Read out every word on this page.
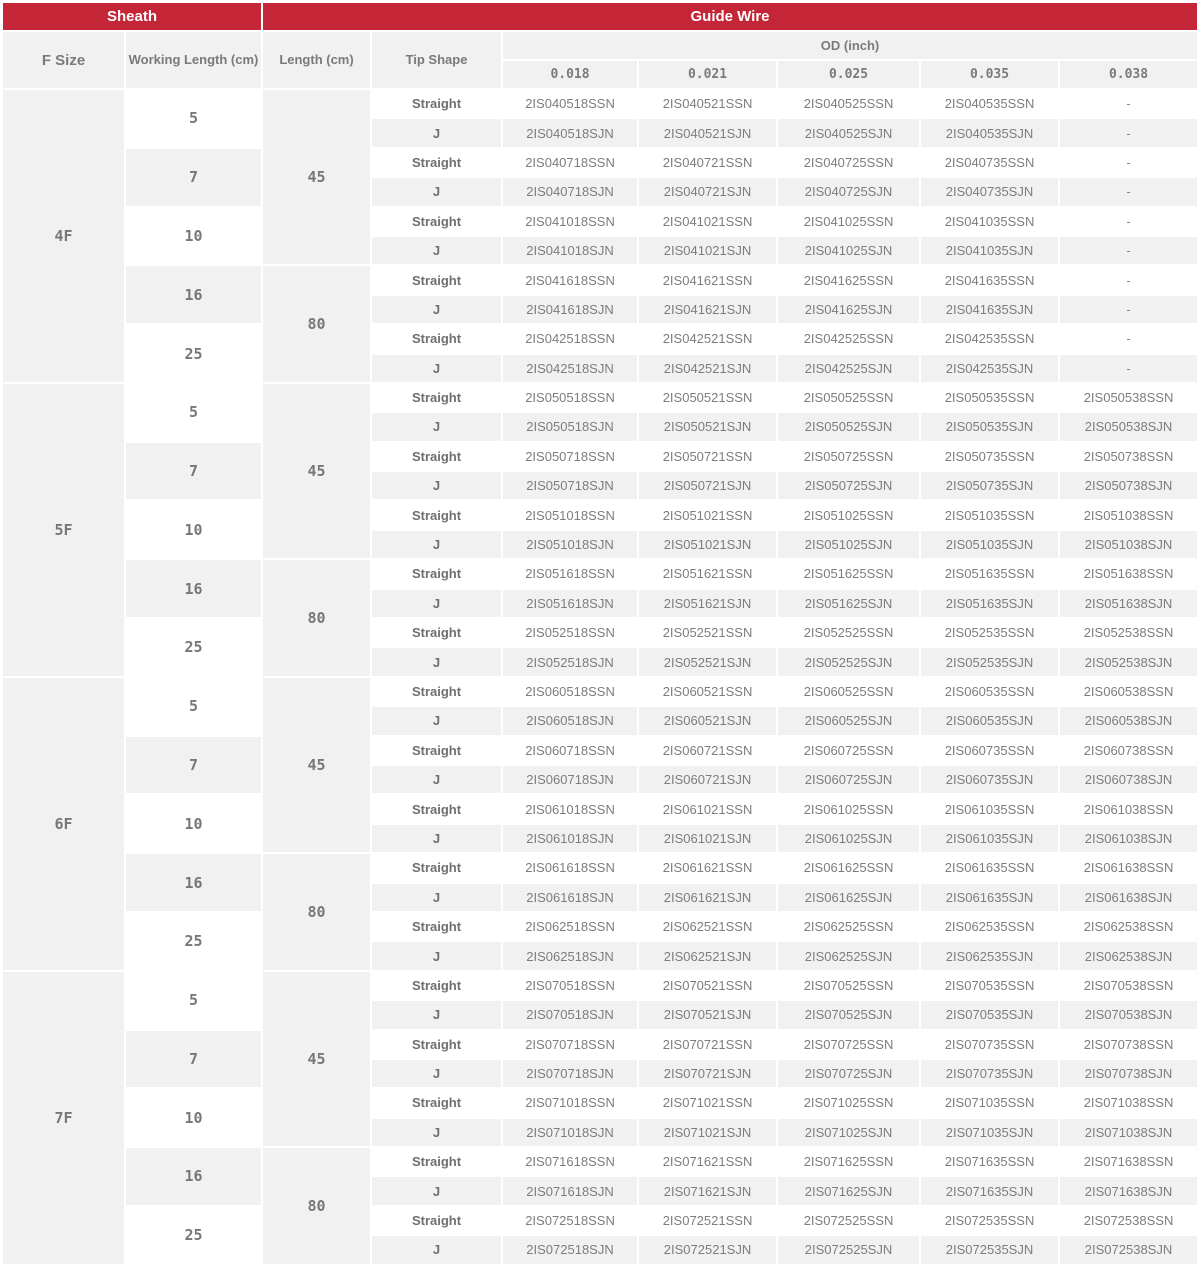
Sheath		Guide Wire						
F Size	Working Length (cm)	Length (cm)	Tip Shape	OD (inch)				
				0.018	0.021	0.025	0.035	0.038
4F	5	45	Straight	2IS040518SSN	2IS040521SSN	2IS040525SSN	2IS040535SSN	-
			J	2IS040518SJN	2IS040521SJN	2IS040525SJN	2IS040535SJN	-
	7		Straight	2IS040718SSN	2IS040721SSN	2IS040725SSN	2IS040735SSN	-
			J	2IS040718SJN	2IS040721SJN	2IS040725SJN	2IS040735SJN	-
	10		Straight	2IS041018SSN	2IS041021SSN	2IS041025SSN	2IS041035SSN	-
			J	2IS041018SJN	2IS041021SJN	2IS041025SJN	2IS041035SJN	-
	16	80	Straight	2IS041618SSN	2IS041621SSN	2IS041625SSN	2IS041635SSN	-
			J	2IS041618SJN	2IS041621SJN	2IS041625SJN	2IS041635SJN	-
	25		Straight	2IS042518SSN	2IS042521SSN	2IS042525SSN	2IS042535SSN	-
			J	2IS042518SJN	2IS042521SJN	2IS042525SJN	2IS042535SJN	-
5F	5	45	Straight	2IS050518SSN	2IS050521SSN	2IS050525SSN	2IS050535SSN	2IS050538SSN
			J	2IS050518SJN	2IS050521SJN	2IS050525SJN	2IS050535SJN	2IS050538SJN
	7		Straight	2IS050718SSN	2IS050721SSN	2IS050725SSN	2IS050735SSN	2IS050738SSN
			J	2IS050718SJN	2IS050721SJN	2IS050725SJN	2IS050735SJN	2IS050738SJN
	10		Straight	2IS051018SSN	2IS051021SSN	2IS051025SSN	2IS051035SSN	2IS051038SSN
			J	2IS051018SJN	2IS051021SJN	2IS051025SJN	2IS051035SJN	2IS051038SJN
	16	80	Straight	2IS051618SSN	2IS051621SSN	2IS051625SSN	2IS051635SSN	2IS051638SSN
			J	2IS051618SJN	2IS051621SJN	2IS051625SJN	2IS051635SJN	2IS051638SJN
	25		Straight	2IS052518SSN	2IS052521SSN	2IS052525SSN	2IS052535SSN	2IS052538SSN
			J	2IS052518SJN	2IS052521SJN	2IS052525SJN	2IS052535SJN	2IS052538SJN
6F	5	45	Straight	2IS060518SSN	2IS060521SSN	2IS060525SSN	2IS060535SSN	2IS060538SSN
			J	2IS060518SJN	2IS060521SJN	2IS060525SJN	2IS060535SJN	2IS060538SJN
	7		Straight	2IS060718SSN	2IS060721SSN	2IS060725SSN	2IS060735SSN	2IS060738SSN
			J	2IS060718SJN	2IS060721SJN	2IS060725SJN	2IS060735SJN	2IS060738SJN
	10		Straight	2IS061018SSN	2IS061021SSN	2IS061025SSN	2IS061035SSN	2IS061038SSN
			J	2IS061018SJN	2IS061021SJN	2IS061025SJN	2IS061035SJN	2IS061038SJN
	16	80	Straight	2IS061618SSN	2IS061621SSN	2IS061625SSN	2IS061635SSN	2IS061638SSN
			J	2IS061618SJN	2IS061621SJN	2IS061625SJN	2IS061635SJN	2IS061638SJN
	25		Straight	2IS062518SSN	2IS062521SSN	2IS062525SSN	2IS062535SSN	2IS062538SSN
			J	2IS062518SJN	2IS062521SJN	2IS062525SJN	2IS062535SJN	2IS062538SJN
7F	5	45	Straight	2IS070518SSN	2IS070521SSN	2IS070525SSN	2IS070535SSN	2IS070538SSN
			J	2IS070518SJN	2IS070521SJN	2IS070525SJN	2IS070535SJN	2IS070538SJN
	7		Straight	2IS070718SSN	2IS070721SSN	2IS070725SSN	2IS070735SSN	2IS070738SSN
			J	2IS070718SJN	2IS070721SJN	2IS070725SJN	2IS070735SJN	2IS070738SJN
	10		Straight	2IS071018SSN	2IS071021SSN	2IS071025SSN	2IS071035SSN	2IS071038SSN
			J	2IS071018SJN	2IS071021SJN	2IS071025SJN	2IS071035SJN	2IS071038SJN
	16	80	Straight	2IS071618SSN	2IS071621SSN	2IS071625SSN	2IS071635SSN	2IS071638SSN
			J	2IS071618SJN	2IS071621SJN	2IS071625SJN	2IS071635SJN	2IS071638SJN
	25		Straight	2IS072518SSN	2IS072521SSN	2IS072525SSN	2IS072535SSN	2IS072538SSN
			J	2IS072518SJN	2IS072521SJN	2IS072525SJN	2IS072535SJN	2IS072538SJN
